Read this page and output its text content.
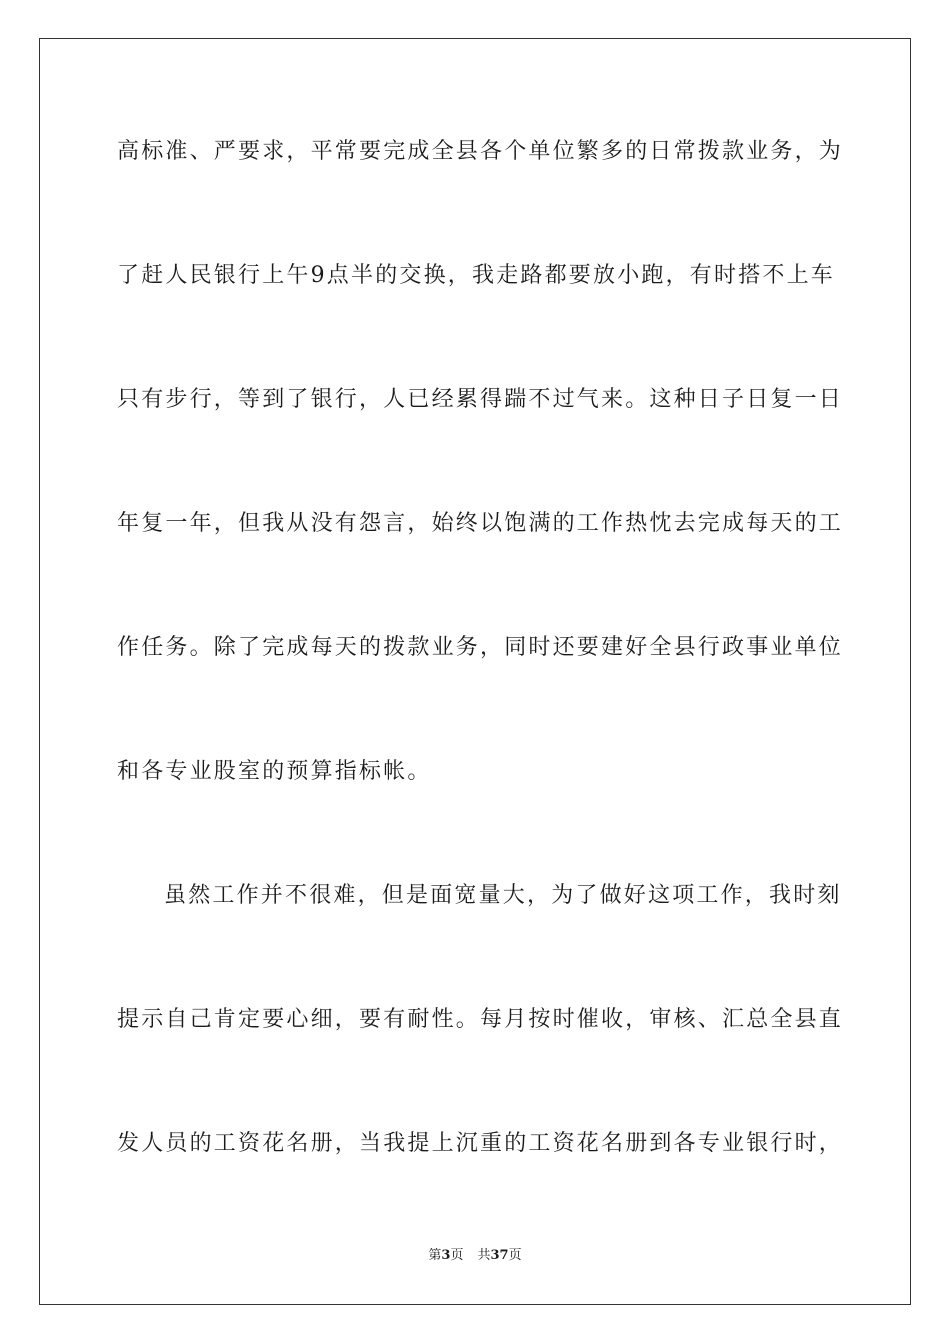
高标准、严要求，平常要完成全县各个单位繁多的日常拨款业务，为
了赶人民银行上午9点半的交换，我走路都要放小跑，有时搭不上车
只有步行，等到了银行，人已经累得踹不过气来。这种日子日复一日
年复一年，但我从没有怨言，始终以饱满的工作热忱去完成每天的工
作任务。除了完成每天的拨款业务，同时还要建好全县行政事业单位
和各专业股室的预算指标帐。
虽然工作并不很难，但是面宽量大，为了做好这项工作，我时刻
提示自己肯定要心细，要有耐性。每月按时催收，审核、汇总全县直
发人员的工资花名册，当我提上沉重的工资花名册到各专业银行时，
第3页 共37页
